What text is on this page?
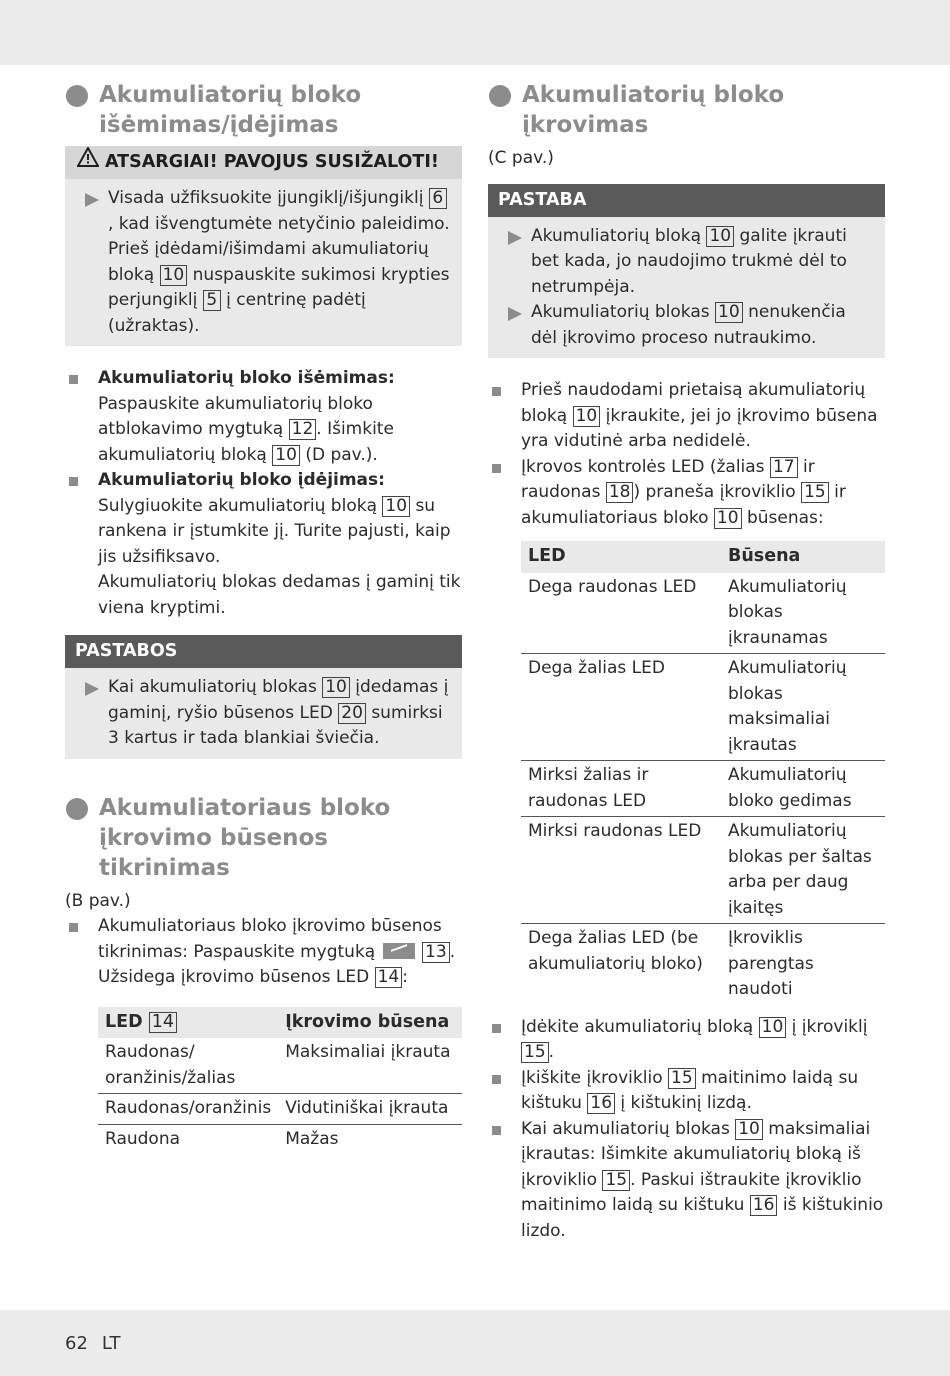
Akumuliatorių bloko
išėmimas/įdėjimas
ATSARGIAI! PAVOJUS SUSIŽALOTI!
Visada užfiksuokite įjungiklį/išjungiklį 6, kad išvengtumėte netyčinio paleidimo. Prieš įdėdami/išimdami akumuliatorių bloką 10 nuspauskite sukimosi krypties perjungiklį 5 į centrinę padėtį (užraktas).
Akumuliatorių bloko išėmimas:
Paspauskite akumuliatorių bloko atblokavimo mygtuką 12 . Išimkite akumuliatorių bloką 10 (D pav.).
Akumuliatorių bloko įdėjimas:
Sulygiuokite akumuliatorių bloką 10 su rankena ir įstumkite jį. Turite pajusti, kaip jis užsifiksavo.
Akumuliatorių blokas dedamas į gaminį tik viena kryptimi.
PASTABOS
Kai akumuliatorių blokas 10 įdedamas į gaminį, ryšio būsenos LED 20 sumirksi 3 kartus ir tada blankiai šviečia.
Akumuliatoriaus bloko
įkrovimo būsenos tikrinimas
(B pav.)
Akumuliatoriaus bloko įkrovimo būsenos tikrinimas: Paspauskite mygtuką	13 . Užsidega įkrovimo būsenos LED 14 :
LED 14	Įkrovimo būsena
Raudonas/ oranžinis/žalias	Maksimaliai įkrauta
Raudonas/oranžinis	Vidutiniškai įkrauta
Raudona	Mažas
Akumuliatorių bloko
įkrovimas
(C pav.)
PASTABA
Akumuliatorių bloką 10 galite įkrauti bet kada, jo naudojimo trukmė dėl to netrumpėja.
Akumuliatorių blokas 10 nenukenčia dėl įkrovimo proceso nutraukimo.
Prieš naudodami prietaisą akumuliatorių bloką 10 įkraukite, jei jo įkrovimo būsena yra vidutinė arba nedidelė.
Įkrovos kontrolės LED (žalias 17 ir raudonas 18 ) praneša įkroviklio 15 ir akumuliatoriaus bloko 10 būsenas:
LED	Būsena
Dega raudonas LED	Akumuliatorių blokas įkraunamas
Dega žalias LED	Akumuliatorių blokas maksimaliai įkrautas
Mirksi žalias ir raudonas LED	Akumuliatorių bloko gedimas
Mirksi raudonas LED	Akumuliatorių blokas per šaltas arba per daug įkaitęs
Dega žalias LED (be akumuliatorių bloko)	Įkroviklis parengtas naudoti
Įdėkite akumuliatorių bloką 10 į įkroviklį 15 .
Įkiškite įkroviklio 15 maitinimo laidą su kištuku 16 į kištukinį lizdą.
Kai akumuliatorių blokas 10 maksimaliai įkrautas: Išimkite akumuliatorių bloką iš įkroviklio 15 . Paskui ištraukite įkroviklio maitinimo laidą su kištuku 16 iš kištukinio lizdo.
62 LT
